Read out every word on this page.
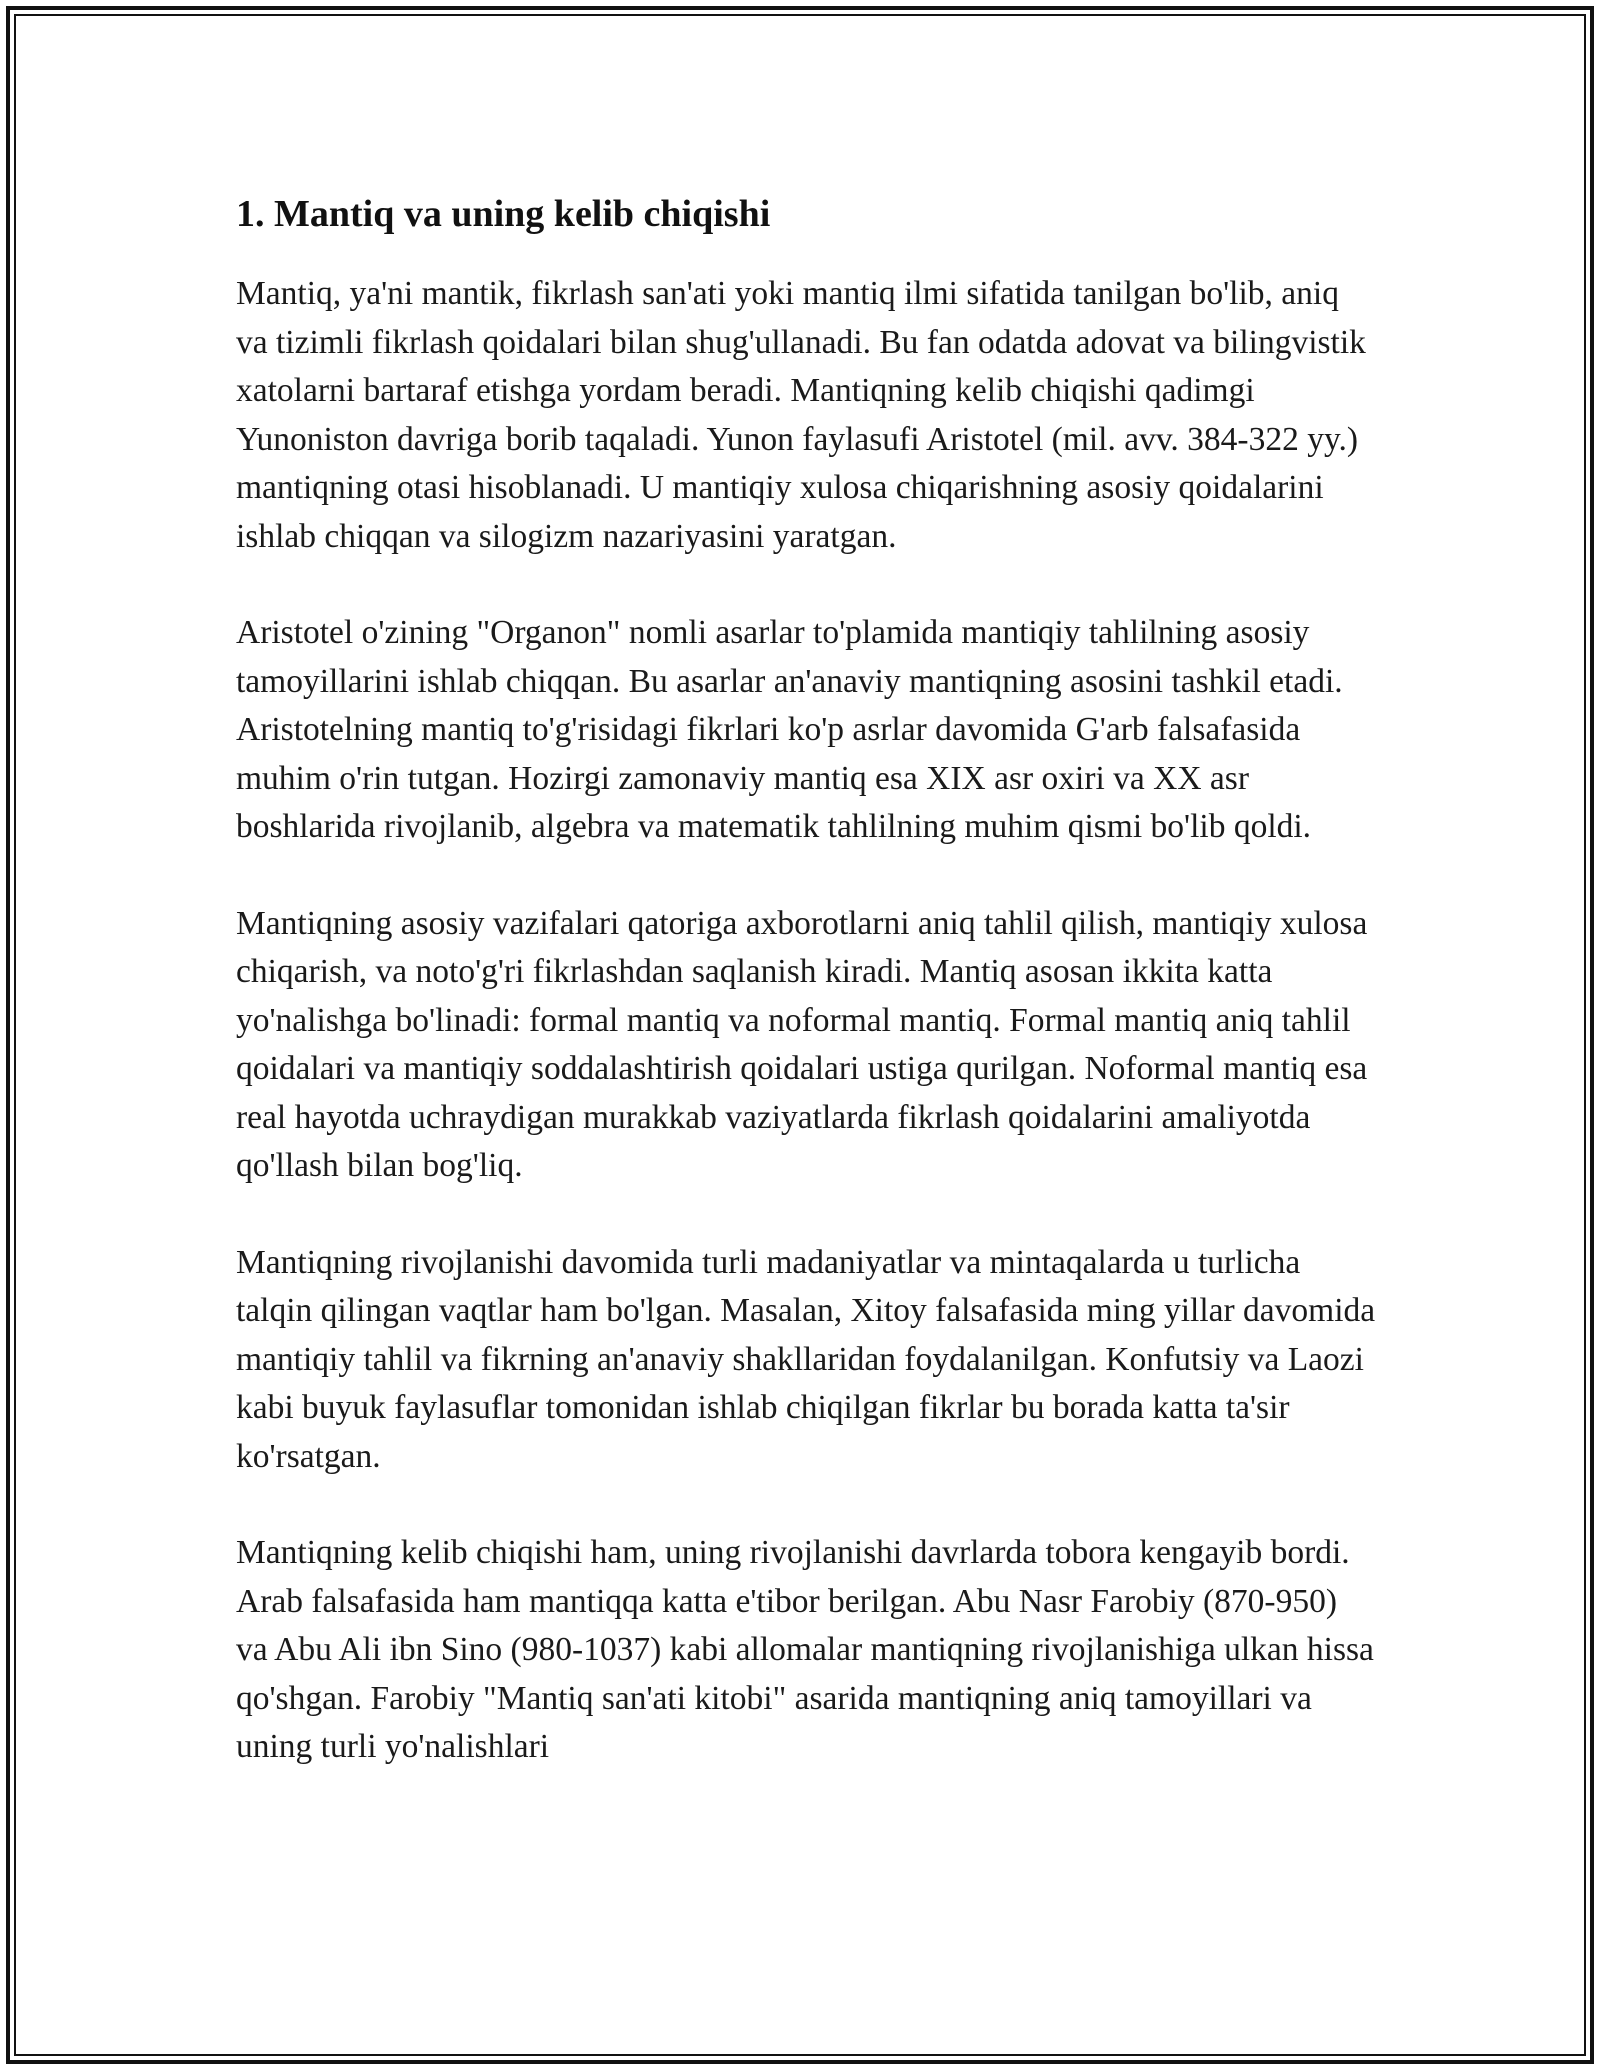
1. Mantiq va uning kelib chiqishi

Mantiq, ya'ni mantik, fikrlash san'ati yoki mantiq ilmi sifatida tanilgan bo'lib, aniq va tizimli fikrlash qoidalari bilan shug'ullanadi. Bu fan odatda adovat va bilingvistik xatolarni bartaraf etishga yordam beradi. Mantiqning kelib chiqishi qadimgi Yunoniston davriga borib taqaladi. Yunon faylasufi Aristotel (mil. avv. 384-322 yy.) mantiqning otasi hisoblanadi. U mantiqiy xulosa chiqarishning asosiy qoidalarini ishlab chiqqan va silogizm nazariyasini yaratgan.

Aristotel o'zining "Organon" nomli asarlar to'plamida mantiqiy tahlilning asosiy tamoyillarini ishlab chiqqan. Bu asarlar an'anaviy mantiqning asosini tashkil etadi. Aristotelning mantiq to'g'risidagi fikrlari ko'p asrlar davomida G'arb falsafasida muhim o'rin tutgan. Hozirgi zamonaviy mantiq esa XIX asr oxiri va XX asr boshlarida rivojlanib, algebra va matematik tahlilning muhim qismi bo'lib qoldi.

Mantiqning asosiy vazifalari qatoriga axborotlarni aniq tahlil qilish, mantiqiy xulosa chiqarish, va noto'g'ri fikrlashdan saqlanish kiradi. Mantiq asosan ikkita katta yo'nalishga bo'linadi: formal mantiq va noformal mantiq. Formal mantiq aniq tahlil qoidalari va mantiqiy soddalashtirish qoidalari ustiga qurilgan. Noformal mantiq esa real hayotda uchraydigan murakkab vaziyatlarda fikrlash qoidalarini amaliyotda qo'llash bilan bog'liq.

Mantiqning rivojlanishi davomida turli madaniyatlar va mintaqalarda u turlicha talqin qilingan vaqtlar ham bo'lgan. Masalan, Xitoy falsafasida ming yillar davomida mantiqiy tahlil va fikrning an'anaviy shakllaridan foydalanilgan. Konfutsiy va Laozi kabi buyuk faylasuflar tomonidan ishlab chiqilgan fikrlar bu borada katta ta'sir ko'rsatgan.

Mantiqning kelib chiqishi ham, uning rivojlanishi davrlarda tobora kengayib bordi. Arab falsafasida ham mantiqqa katta e'tibor berilgan. Abu Nasr Farobiy (870-950) va Abu Ali ibn Sino (980-1037) kabi allomalar mantiqning rivojlanishiga ulkan hissa qo'shgan. Farobiy "Mantiq san'ati kitobi" asarida mantiqning aniq tamoyillari va uning turli yo'nalishlari
